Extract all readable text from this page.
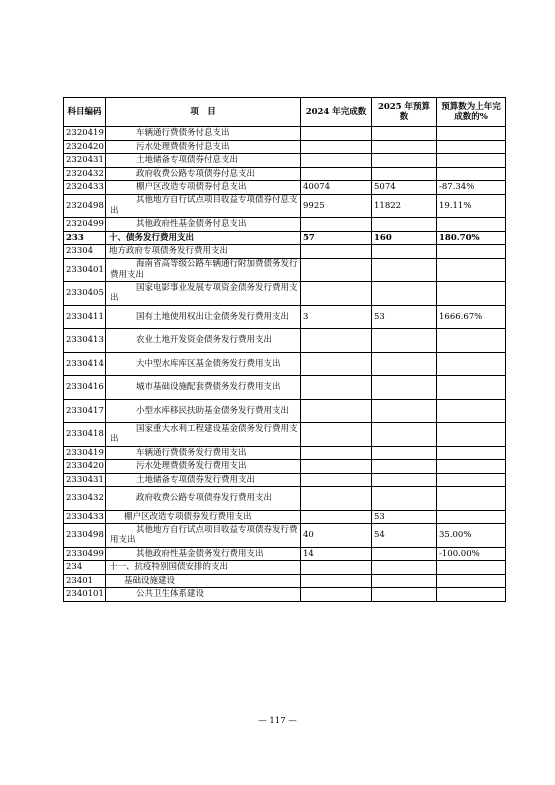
科目编码	项　目	2024 年完成数	2025 年预算数	预算数为上年完成数的%
2320419	车辆通行费债务付息支出			
2320420	污水处理费债务付息支出			
2320431	土地储备专项债券付息支出			
2320432	政府收费公路专项债券付息支出			
2320433	棚户区改造专项债券付息支出	40074	5074	-87.34%
2320498	其他地方自行试点项目收益专项债券付息支出	9925	11822	19.11%
2320499	其他政府性基金债务付息支出			
233	十、债务发行费用支出	57	160	180.70%
23304	地方政府专项债务发行费用支出			
2330401	海南省高等级公路车辆通行附加费债务发行费用支出			
2330405	国家电影事业发展专项资金债务发行费用支出			
2330411	国有土地使用权出让金债务发行费用支出	3	53	1666.67%
2330413	农业土地开发资金债务发行费用支出			
2330414	大中型水库库区基金债务发行费用支出			
2330416	城市基础设施配套费债务发行费用支出			
2330417	小型水库移民扶助基金债务发行费用支出			
2330418	国家重大水利工程建设基金债务发行费用支出			
2330419	车辆通行费债务发行费用支出			
2330420	污水处理费债务发行费用支出			
2330431	土地储备专项债券发行费用支出			
2330432	政府收费公路专项债券发行费用支出			
2330433	棚户区改造专项债券发行费用支出		53	
2330498	其他地方自行试点项目收益专项债券发行费用支出	40	54	35.00%
2330499	其他政府性基金债务发行费用支出	14		-100.00%
234	十一、抗疫特别国债安排的支出			
23401	基础设施建设			
2340101	公共卫生体系建设			
— 117 —
